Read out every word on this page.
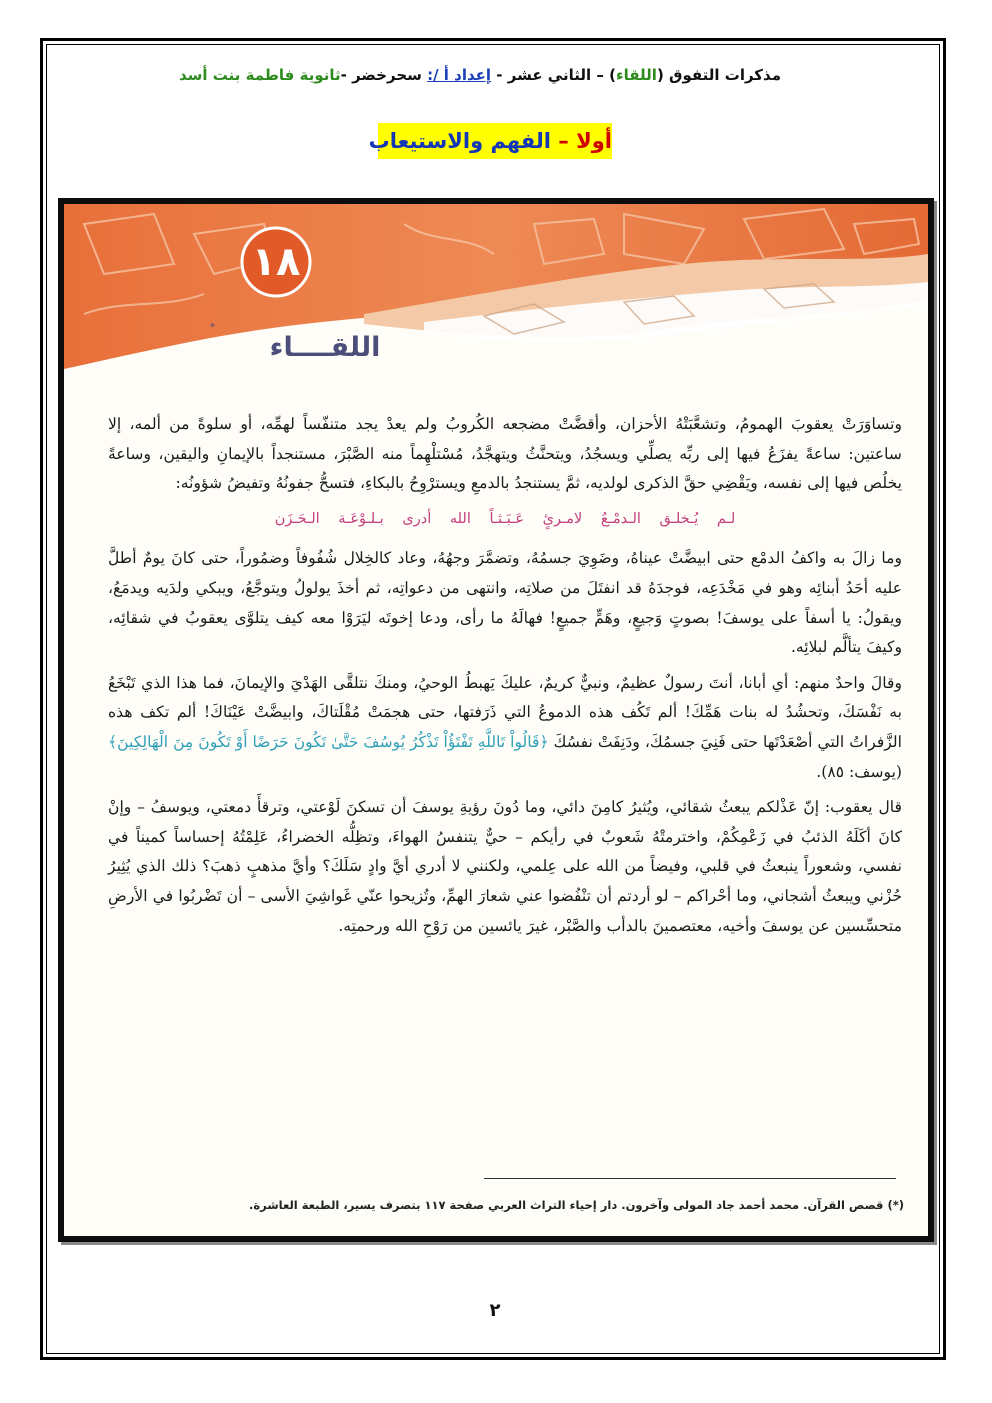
مذكرات التفوق (اللقاء) – الثاني عشر - إعداد أ /: سحرخضر -ثانوية فاطمة بنت أسد
أولا – الفهم والاستيعاب
١٨
اللقــــاء
*

وتساوَرَتْ يعقوبَ الهمومُ، وتشعَّبَتْهُ الأحزان، وأقضَّتْ مضجعه الكُروبُ ولم يعدْ يجد متنفّساً لهمِّه، أو سلوةً من ألمه، إلا ساعتين: ساعةً يفزَعُ فيها إلى ربِّه يصلِّي ويسجُدُ، ويتحنَّثُ ويتهجَّدُ، مُسْتلْهِماً منه الصَّبْرَ، مستنجداً بالإيمانِ واليقين، وساعةً يخلُص فيها إلى نفسه، ويَقْضِي حقَّ الذكرى لولديه، ثمَّ يستنجدُ بالدمعِ ويسترْوِحُ بالبكاءِ، فتسحُّ جفونُهُ وتفيضُ شؤونُه:

لـم يُـخلـق الـدمْـعُ لامـرئٍ عَـبَـثـاً الله أدرى بـلـوْعَـة الـحَـزَن

وما زالَ به واكفُ الدمْع حتى ابيضَّتْ عيناهُ، وضَوِيَ جسمُهُ، وتضمَّرَ وجهُهُ، وعاد كالخِلال شُفُوفاً وضمُوراً، حتى كانَ يومٌ أطلَّ عليه أحَدُ أبنائِه وهو في مَخْدَعِه، فوجدَهُ قد انفتَلَ من صلاتِه، وانتهى من دعواتِه، ثم أخذَ يولولُ ويتوجَّعُ، ويبكي ولدَيه ويدمَعُ، ويقولُ: يا أسفاً على يوسفَ! بصوتٍ وَجيعٍ، وهَمٍّ جميعٍ! فهالَهُ ما رأى، ودعا إخوتَه ليَرَوْا معه كيف يتلوَّى يعقوبُ في شقائِه، وكيفَ يتألَّم لبلائِه.

وقالَ واحدٌ منهم: أي أبانا، أنتَ رسولٌ عظيمٌ، ونبيٌّ كريمٌ، عليكَ يَهبطُ الوحيُ، ومنكَ نتلقَّى الهَدْيَ والإيمانَ، فما هذا الذي تَبْخَعُ به نَفْسَكَ، وتحشُدُ له بنات هَمِّكَ! ألم تَكُف هذه الدموعُ التي ذَرَفتها، حتى هجمَتْ مُقْلَتاكَ، وابيضَّتْ عَيْنَاكَ! ألم تكف هذه الزَّفراتُ التي أصْعَدْتَها حتى فَنِيَ جسمُكَ، ودَنِفَتْ نفسُكَ ﴿قَالُواْ تَاللَّهِ تَفْتَؤُاْ تَذْكُرُ يُوسُفَ حَتَّىٰ تَكُونَ حَرَضًا أَوْ تَكُونَ مِنَ الْهَالِكِينَ﴾ (يوسف: ٨٥).

قال يعقوب: إنّ عَذْلكم يبعثُ شقائي، ويُثيرُ كامِنَ دائي، وما دُونَ رؤيةِ يوسفَ أن تسكنَ لَوْعتي، وترقأَ دمعتي، ويوسفُ – وإنْ كانَ أكَلَهُ الذئبُ في زَعْمِكُمْ، واخترمتْهُ شَعوبٌ في رأيكم – حيٌّ يتنفسُ الهواءَ، وتظِلُّه الخضراءُ، عَلِمْتُهُ إحساساً كميناً في نفسي، وشعوراً ينبعثُ في قلبي، وفيضاً من الله على عِلمي، ولكنني لا أدري أيَّ وادٍ سَلَكَ؟ وأيَّ مذهبٍ ذهبَ؟ ذلك الذي يُثِيرُ حُزْني ويبعثُ أشجاني، وما أحْراكم – لو أردتم أن تنْفُضوا عني شعارَ الهمِّ، وتُزيحوا عنّي غَواشِيَ الأسى – أن تَضْربُوا في الأرضِ متحسِّسين عن يوسفَ وأخيه، معتصمينَ بالدأب والصَّبْر، غيرَ يائسين من رَوْحِ الله ورحمتِه.

(*) قصص القرآن. محمد أحمد جاد المولى وآخرون. دار إحياء التراث العربي صفحة ١١٧ بتصرف يسير، الطبعة العاشرة.
٢
